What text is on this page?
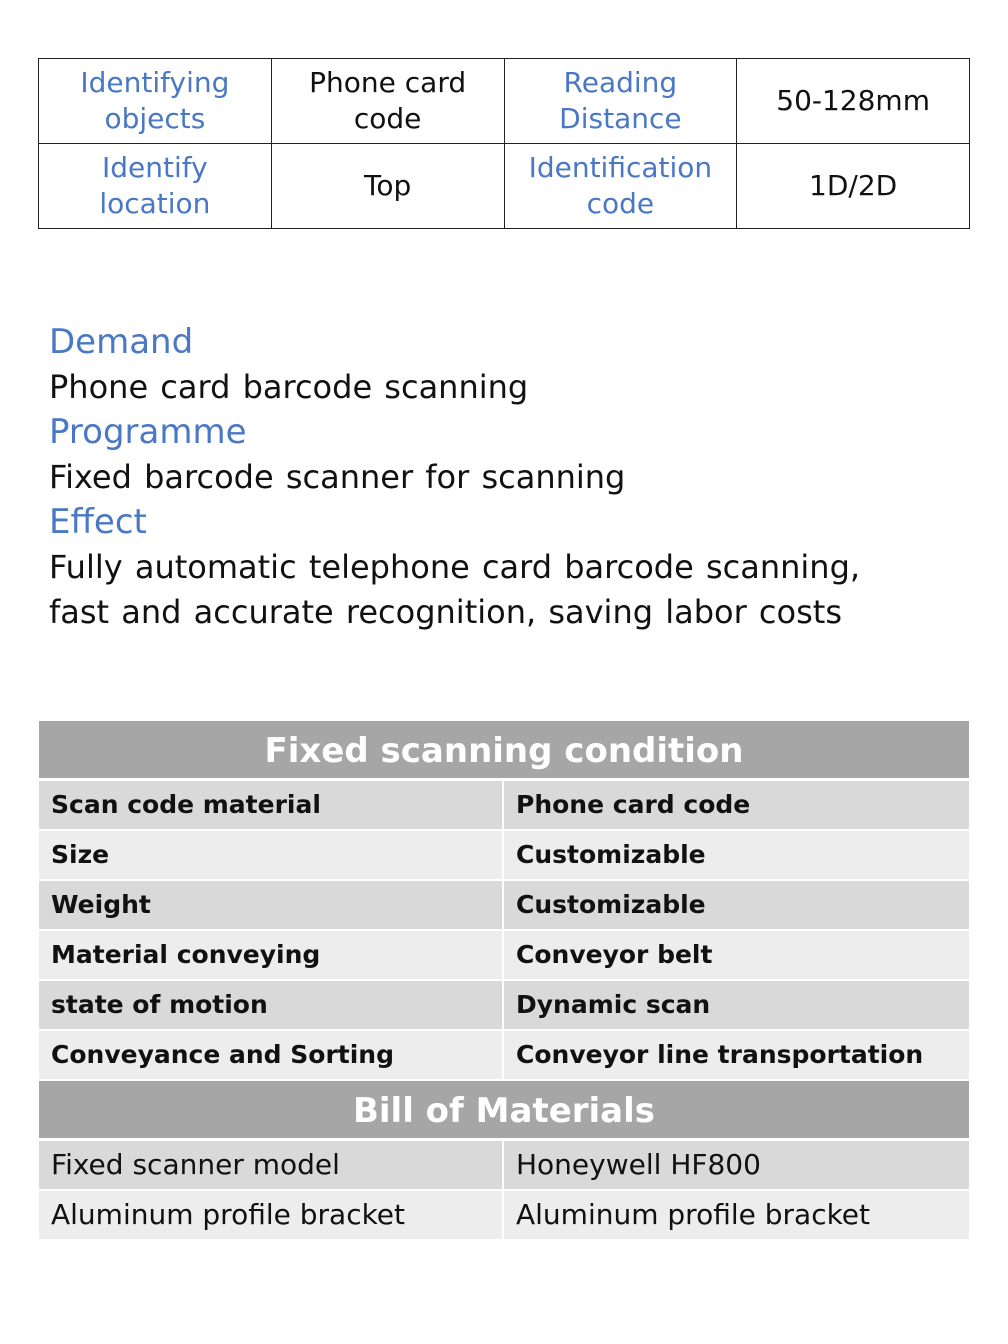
Identifying objects	Phone card code	Reading Distance	50-128mm
Identify location	Top	Identification code	1D/2D
Demand
Phone card barcode scanning
Programme
Fixed barcode scanner for scanning
Effect
Fully automatic telephone card barcode scanning,
fast and accurate recognition, saving labor costs
Fixed scanning condition
Scan code material	Phone card code
Size	Customizable
Weight	Customizable
Material conveying	Conveyor belt
state of motion	Dynamic scan
Conveyance and Sorting	Conveyor line transportation
Bill of Materials
Fixed scanner model	Honeywell HF800
Aluminum profile bracket	Aluminum profile bracket
